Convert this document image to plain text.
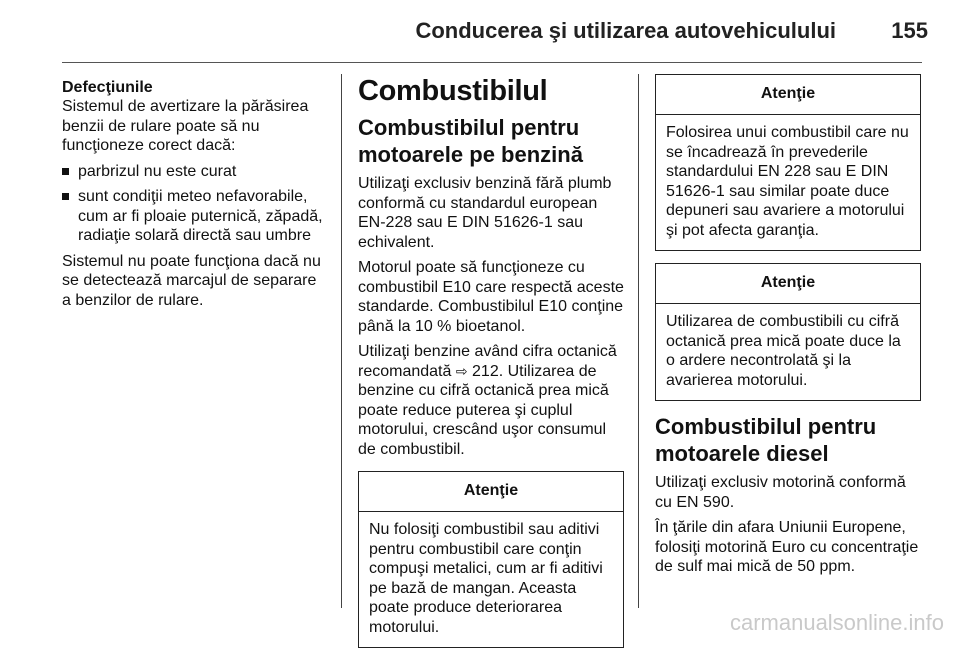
Conducerea şi utilizarea autovehiculului	155
Defecţiunile

Sistemul de avertizare la părăsirea benzii de rulare poate să nu funcţioneze corect dacă:

parbrizul nu este curat
sunt condiţii meteo nefavorabile, cum ar fi ploaie puternică, zăpadă, radiaţie solară directă sau umbre

Sistemul nu poate funcţiona dacă nu se detectează marcajul de separare a benzilor de rulare.

Combustibilul
Combustibilul pentru motoarele pe benzină

Utilizaţi exclusiv benzină fără plumb conformă cu standardul european EN-228 sau E DIN 51626-1 sau echivalent.

Motorul poate să funcţioneze cu combustibil E10 care respectă aceste standarde. Combustibilul E10 conţine până la 10 % bioetanol.

Utilizaţi benzine având cifra octanică recomandată ⇨ 212. Utilizarea de benzine cu cifră octanică prea mică poate reduce puterea şi cuplul motorului, crescând uşor consumul de combustibil.

Atenţie
Nu folosiţi combustibil sau aditivi pentru combustibil care conţin compuşi metalici, cum ar fi aditivi pe bază de mangan. Aceasta poate produce deteriorarea motorului.
Atenţie
Folosirea unui combustibil care nu se încadrează în prevederile standardului EN 228 sau E DIN 51626-1 sau similar poate duce depuneri sau avariere a motorului şi pot afecta garanţia.
Atenţie
Utilizarea de combustibili cu cifră octanică prea mică poate duce la o ardere necontrolată şi la avarierea motorului.
Combustibilul pentru motoarele diesel

Utilizaţi exclusiv motorină conformă cu EN 590.

În ţările din afara Uniunii Europene, folosiţi motorină Euro cu concentraţie de sulf mai mică de 50 ppm.

carmanualsonline.info
